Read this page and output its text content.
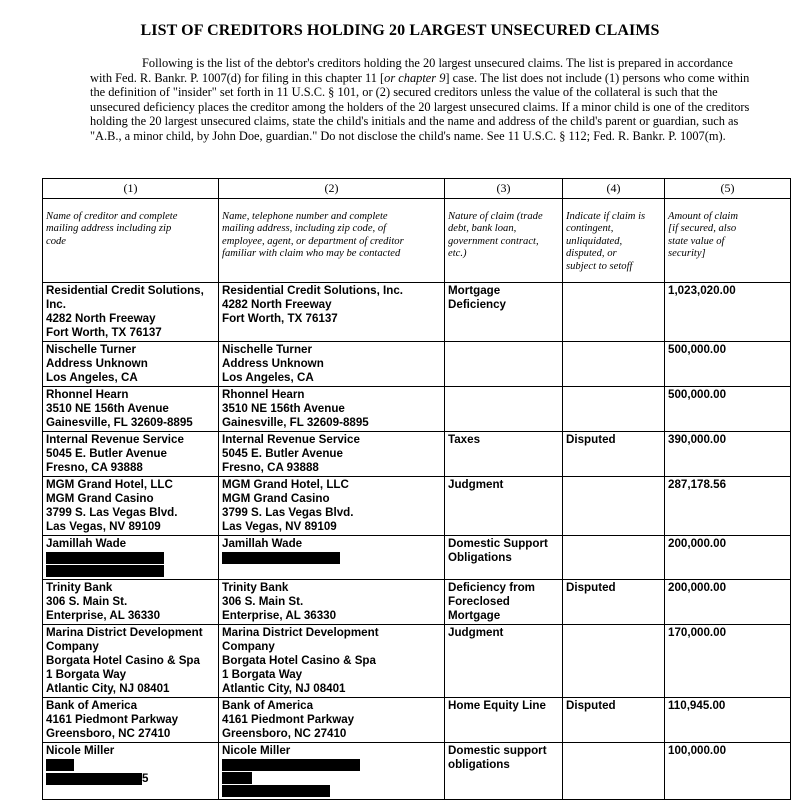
LIST OF CREDITORS HOLDING 20 LARGEST UNSECURED CLAIMS
Following is the list of the debtor's creditors holding the 20 largest unsecured claims. The list is prepared in accordance with Fed. R. Bankr. P. 1007(d) for filing in this chapter 11 [or chapter 9] case. The list does not include (1) persons who come within the definition of "insider" set forth in 11 U.S.C. § 101, or (2) secured creditors unless the value of the collateral is such that the unsecured deficiency places the creditor among the holders of the 20 largest unsecured claims. If a minor child is one of the creditors holding the 20 largest unsecured claims, state the child's initials and the name and address of the child's parent or guardian, such as "A.B., a minor child, by John Doe, guardian." Do not disclose the child's name. See 11 U.S.C. § 112; Fed. R. Bankr. P. 1007(m).
(1)	(2)	(3)	(4)	(5)

Name of creditor and complete
mailing address including zip
code	Name, telephone number and complete
mailing address, including zip code, of
employee, agent, or department of creditor
familiar with claim who may be contacted	Nature of claim (trade
debt, bank loan,
government contract,
etc.)	Indicate if claim is
contingent,
unliquidated,
disputed, or
subject to setoff	Amount of claim
[if secured, also
state value of
security]

Residential Credit Solutions,
Inc.
4282 North Freeway
Fort Worth, TX 76137	Residential Credit Solutions, Inc.
4282 North Freeway
Fort Worth, TX 76137	Mortgage
Deficiency		1,023,020.00

Nischelle Turner
Address Unknown
Los Angeles, CA	Nischelle Turner
Address Unknown
Los Angeles, CA			500,000.00

Rhonnel Hearn
3510 NE 156th Avenue
Gainesville, FL 32609-8895	Rhonnel Hearn
3510 NE 156th Avenue
Gainesville, FL 32609-8895			500,000.00

Internal Revenue Service
5045 E. Butler Avenue
Fresno, CA 93888	Internal Revenue Service
5045 E. Butler Avenue
Fresno, CA 93888	Taxes	Disputed	390,000.00

MGM Grand Hotel, LLC
MGM Grand Casino
3799 S. Las Vegas Blvd.
Las Vegas, NV 89109	MGM Grand Hotel, LLC
MGM Grand Casino
3799 S. Las Vegas Blvd.
Las Vegas, NV 89109	Judgment		287,178.56

Jamillah Wade	Jamillah Wade	Domestic Support
Obligations		200,000.00

Trinity Bank
306 S. Main St.
Enterprise, AL 36330	Trinity Bank
306 S. Main St.
Enterprise, AL 36330	Deficiency from
Foreclosed
Mortgage	Disputed	200,000.00

Marina District Development
Company
Borgata Hotel Casino & Spa
1 Borgata Way
Atlantic City, NJ 08401	Marina District Development
Company
Borgata Hotel Casino & Spa
1 Borgata Way
Atlantic City, NJ 08401	Judgment		170,000.00

Bank of America
4161 Piedmont Parkway
Greensboro, NC 27410	Bank of America
4161 Piedmont Parkway
Greensboro, NC 27410	Home Equity Line	Disputed	110,945.00

Nicole Miller
5	Nicole Miller	Domestic support
obligations		100,000.00
